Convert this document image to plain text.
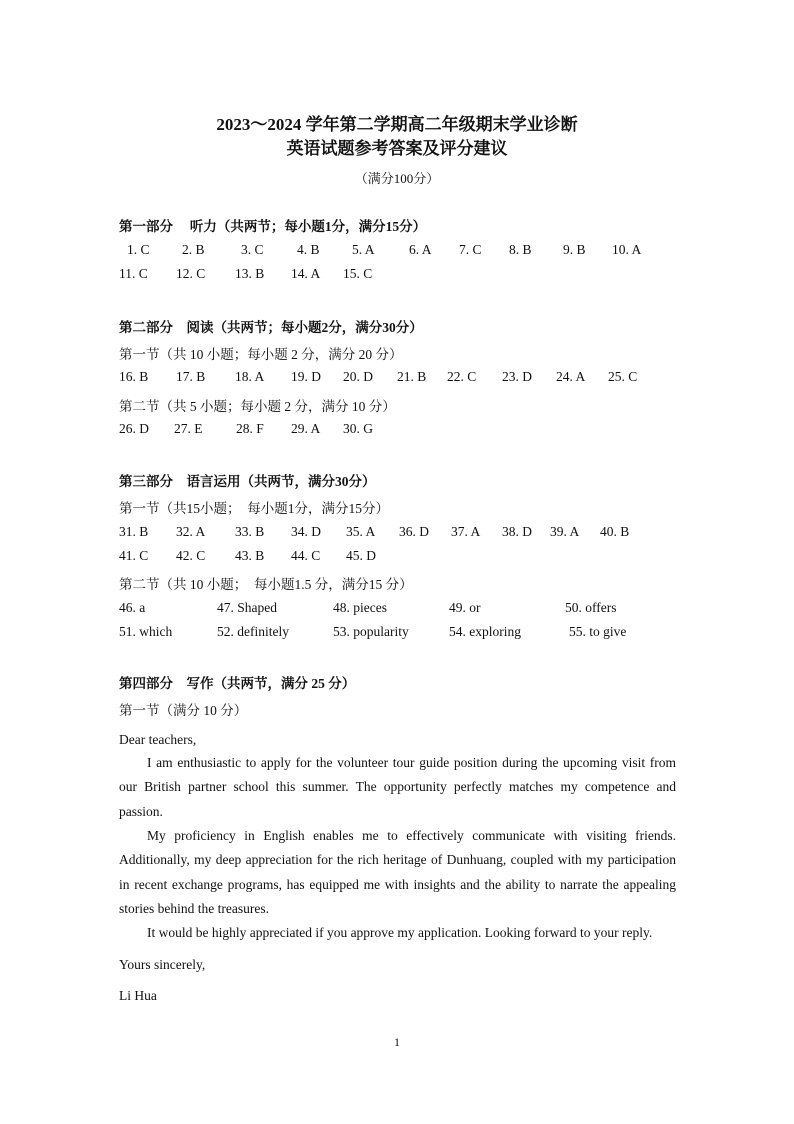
2023～2024 学年第二学期高二年级期末学业诊断
英语试题参考答案及评分建议
（满分100分）
第一部分　 听力（共两节；每小题1分，满分15分）
1. C 2. B	3. C 4. B 5. A	6. A 7. C 8. B 9. B 10. A
11. C 12. C 13. B 14. A 15. C
第二部分　阅读（共两节；每小题2分，满分30分）
第一节（共 10 小题；每小题 2 分，满分 20 分）
16. B 17. B 18. A 19. D 20. D 21. B 22. C 23. D 24. A 25. C
第二节（共 5 小题；每小题 2 分，满分 10 分）
26. D 27. E 28. F 29. A 30. G
第三部分　语言运用（共两节，满分30分）
第一节（共15小题；　每小题1分，满分15分）
31. B 32. A 33. B 34. D 35. A 36. D 37. A 38. D 39. A 40. B
41. C 42. C 43. B 44. C 45. D
第二节（共 10 小题；　每小题1.5 分，满分15 分）
46. a	47. Shaped	48. pieces	49. or	50. offers
51. which	52. definitely	53. popularity	54. exploring	55. to give
第四部分　写作（共两节，满分 25 分）
第一节（满分 10 分）
Dear teachers,
I am enthusiastic to apply for the volunteer tour guide position during the upcoming visit from our British partner school this summer. The opportunity perfectly matches my competence and passion.
My proficiency in English enables me to effectively communicate with visiting friends. Additionally, my deep appreciation for the rich heritage of Dunhuang, coupled with my participation in recent exchange programs, has equipped me with insights and the ability to narrate the appealing stories behind the treasures.
It would be highly appreciated if you approve my application. Looking forward to your reply.
Yours sincerely,
Li Hua
1
